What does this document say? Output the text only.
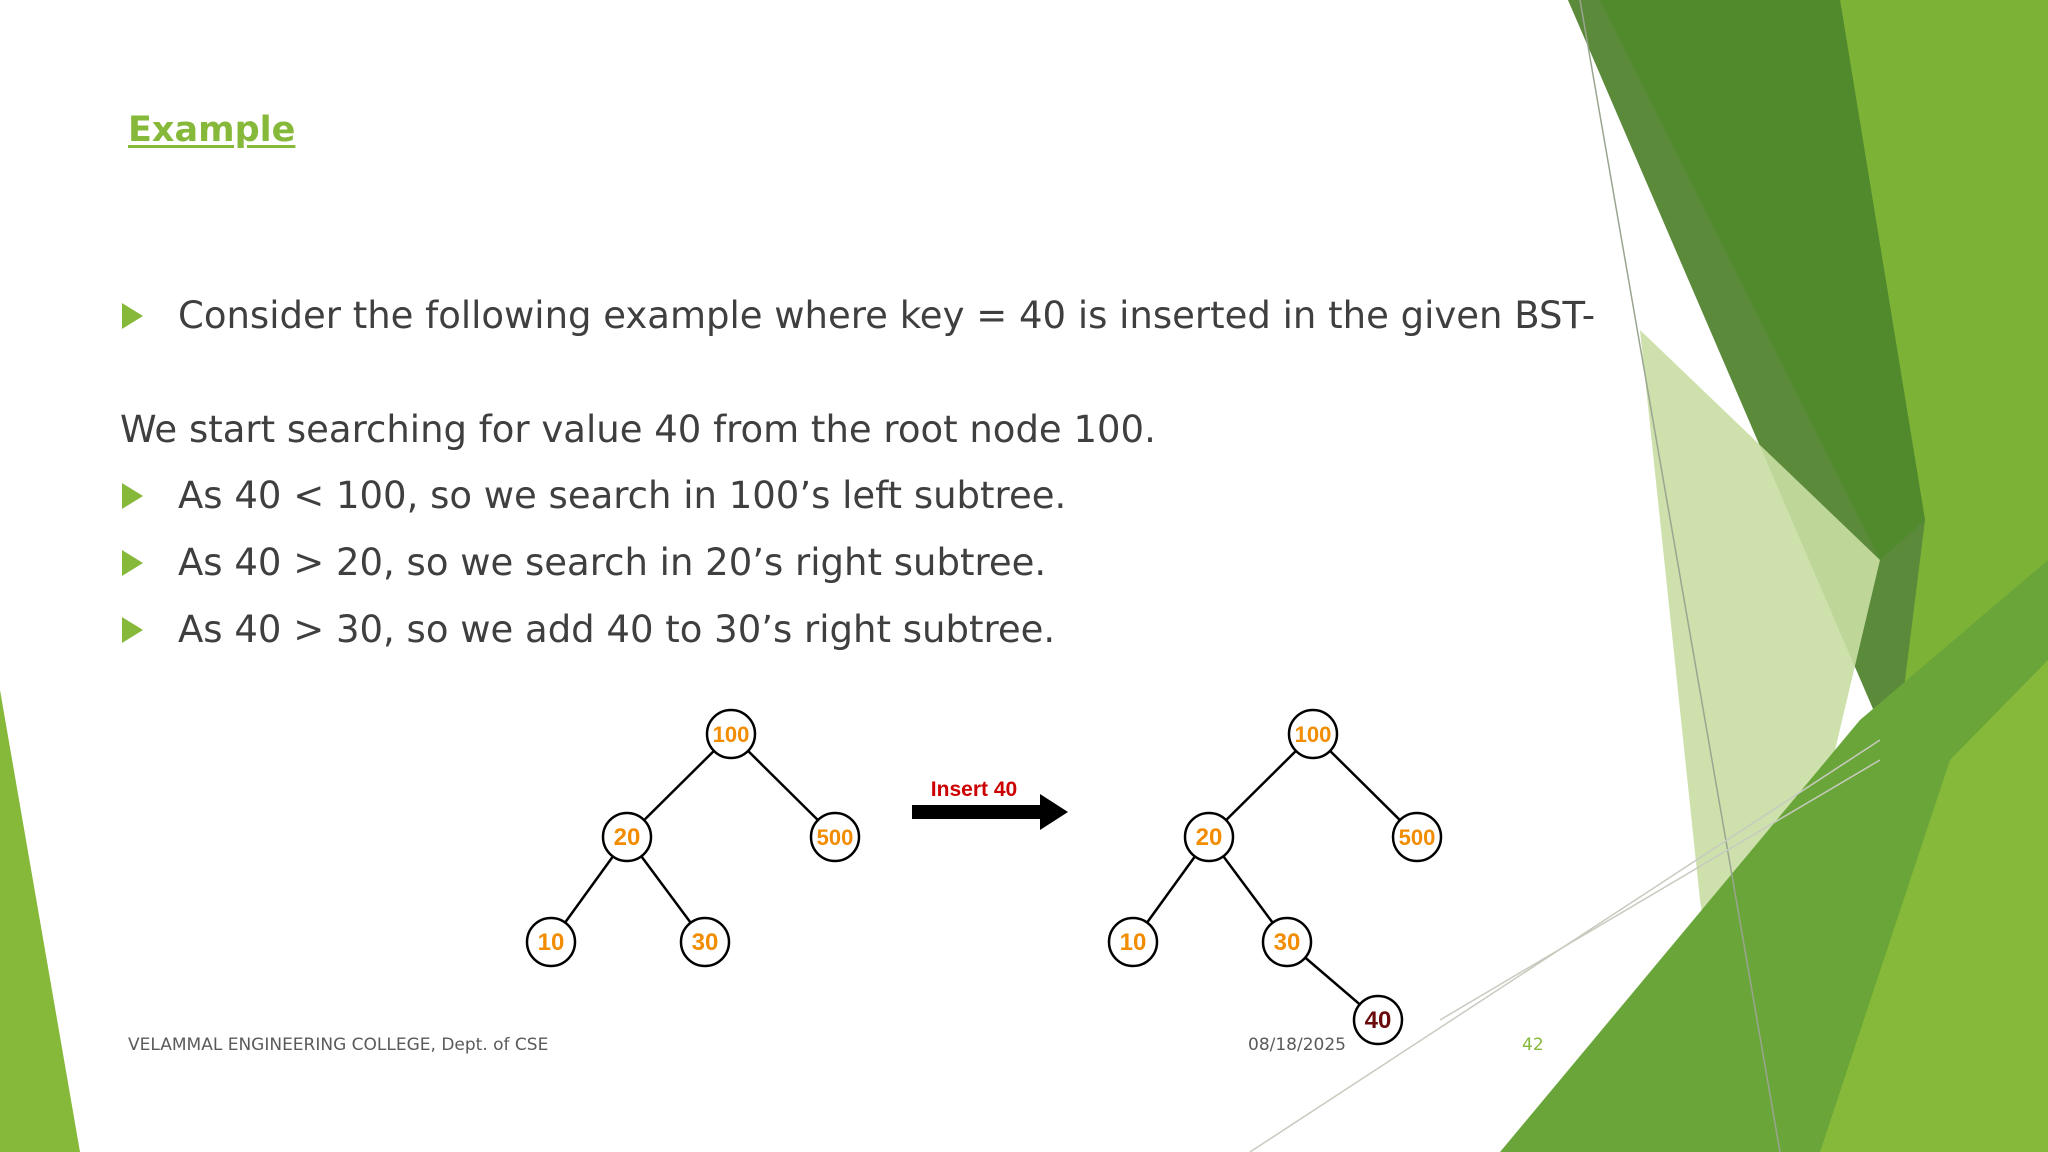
Example
Consider the following example where key = 40 is inserted in the given BST-
We start searching for value 40 from the root node 100.
As 40 < 100, so we search in 100’s left subtree.
As 40 > 20, so we search in 20’s right subtree.
As 40 > 30, so we add 40 to 30’s right subtree.
100
20	500
10	30
Insert 40
100
20	500
10	30
40
VELAMMAL ENGINEERING COLLEGE, Dept. of CSE	08/18/2025	42
